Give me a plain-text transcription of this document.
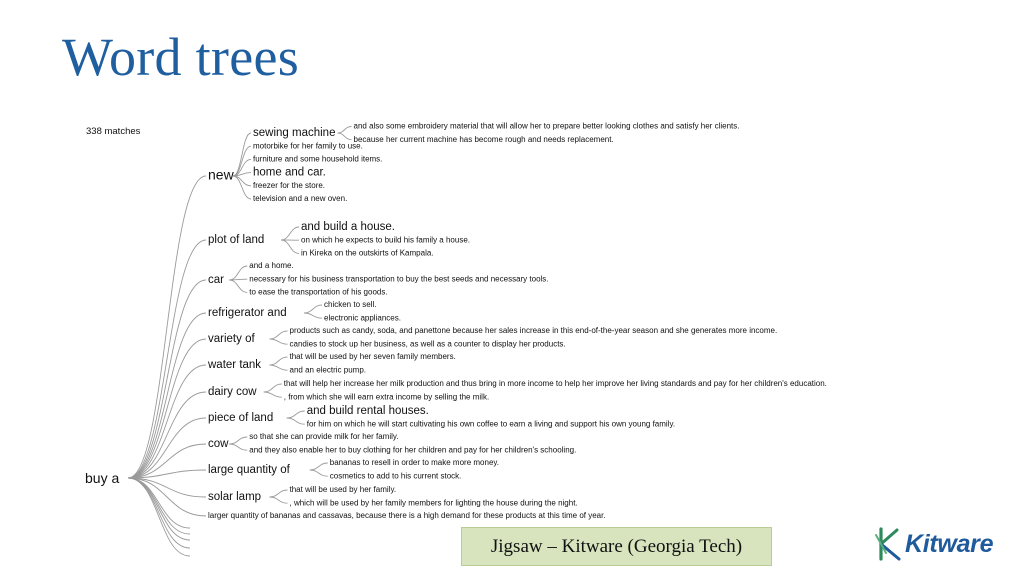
Word trees
338 matches
buy a
new
sewing machine
and also some embroidery material that will allow her to prepare better looking clothes and satisfy her clients.
because her current machine has become rough and needs replacement.
motorbike for her family to use.
furniture and some household items.
home and car.
freezer for the store.
television and a new oven.
plot of land
and build a house.
on which he expects to build his family a house.
in Kireka on the outskirts of Kampala.
car
and a home.
necessary for his business transportation to buy the best seeds and necessary tools.
to ease the transportation of his goods.
refrigerator and
chicken to sell.
electronic appliances.
variety of
products such as candy, soda, and panettone because her sales increase in this end-of-the-year season and she generates more income.
candies to stock up her business, as well as a counter to display her products.
water tank
that will be used by her seven family members.
and an electric pump.
dairy cow
that will help her increase her milk production and thus bring in more income to help her improve her living standards and pay for her children's education.
, from which she will earn extra income by selling the milk.
piece of land
and build rental houses.
for him on which he will start cultivating his own coffee to earn a living and support his own young family.
cow
so that she can provide milk for her family.
and they also enable her to buy clothing for her children and pay for her children's schooling.
large quantity of
bananas to resell in order to make more money.
cosmetics to add to his current stock.
solar lamp
that will be used by her family.
, which will be used by her family members for lighting the house during the night.
larger quantity of bananas and cassavas, because there is a high demand for these products at this time of year.
Jigsaw – Kitware (Georgia Tech)	Kitware
